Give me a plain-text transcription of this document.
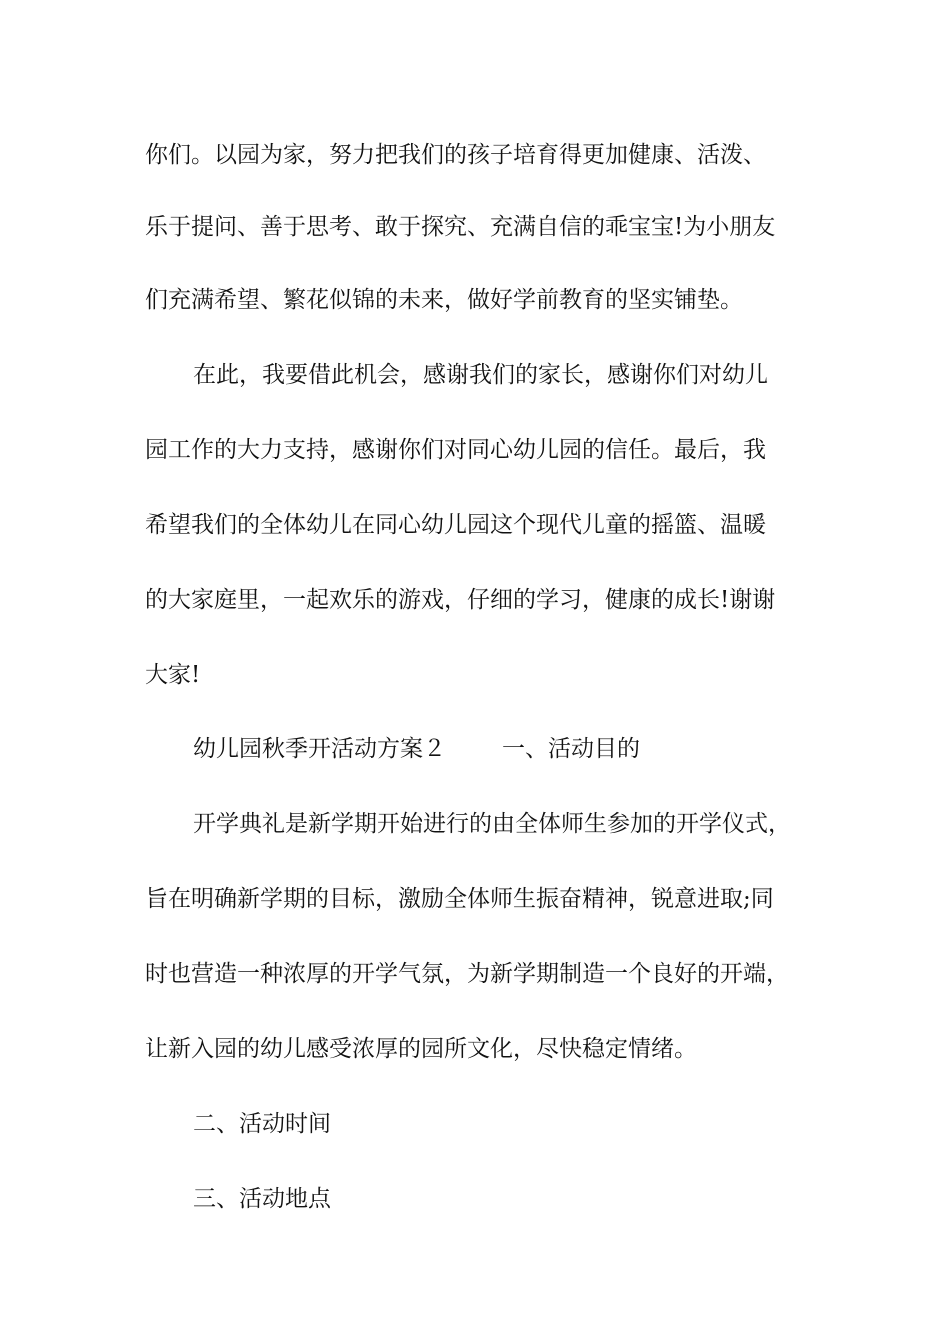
你们。以园为家，努力把我们的孩子培育得更加健康、活泼、
乐于提问、善于思考、敢于探究、充满自信的乖宝宝!为小朋友
们充满希望、繁花似锦的未来，做好学前教育的坚实铺垫。
在此，我要借此机会，感谢我们的家长，感谢你们对幼儿
园工作的大力支持，感谢你们对同心幼儿园的信任。最后，我
希望我们的全体幼儿在同心幼儿园这个现代儿童的摇篮、温暖
的大家庭里，一起欢乐的游戏，仔细的学习，健康的成长!谢谢
大家!
幼儿园秋季开活动方案２ 一、活动目的
开学典礼是新学期开始进行的由全体师生参加的开学仪式，
旨在明确新学期的目标，激励全体师生振奋精神，锐意进取;同
时也营造一种浓厚的开学气氛，为新学期制造一个良好的开端，
让新入园的幼儿感受浓厚的园所文化，尽快稳定情绪。
二、活动时间
三、活动地点
